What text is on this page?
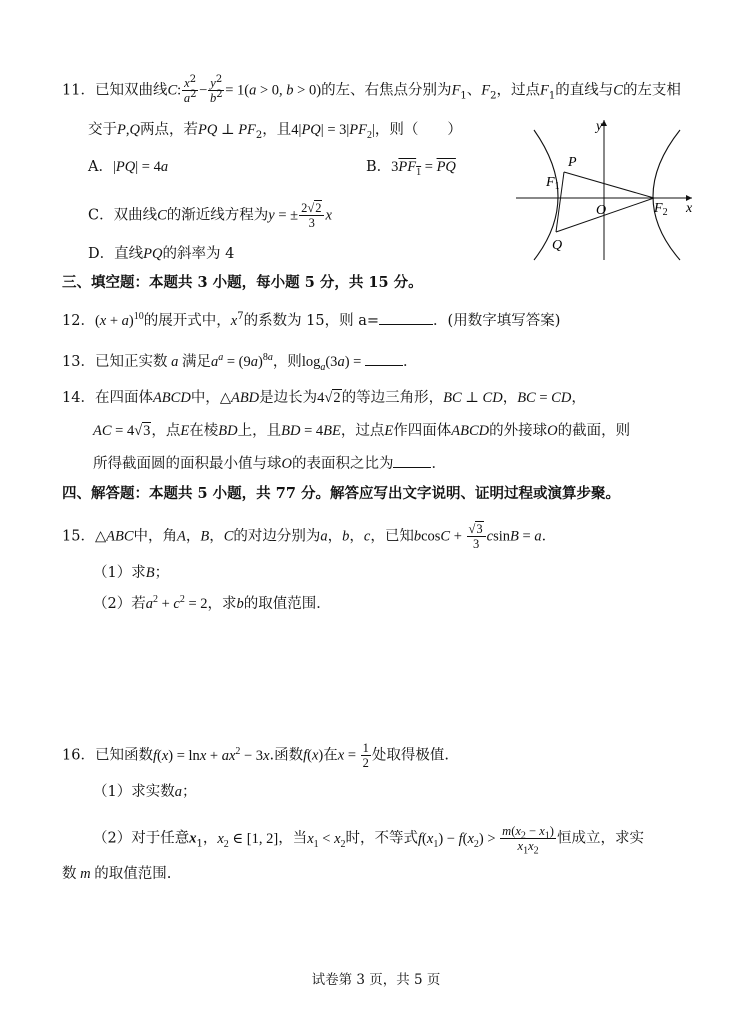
11．已知双曲线C: $\frac{x^2}{a^2} - \frac{y^2}{b^2} = 1(a > 0$, b > 0)的左、右焦点分别为$F_1$、$F_2$，过点$F_1$的直线与C的左支相
交于P,Q两点，若PQ ⊥ $PF_2$，且$4|PQ| = 3|PF_2|$，则（　　）
A．|PQ| = 4a	B．$3PF_1 = \overline{PQ}$
C．双曲线C的渐近线方程为y = ± $\frac{2√2}{3}$ x
D．直线PQ的斜率为 4
P
Q
O
$F_1$
$F_2$
y
x
三、填空题：本题共 3 小题，每小题 5 分，共 15 分。
12．$(x + a)^{10}$的展开式中，$x^7$的系数为 15，则 a=	．(用数字填写答案)
13．已知正实数 a 满足$a^a = (9a)^{8a}$，则$\log_a(3a)$ =	．
14．在四面体ABCD中，△ABD是边长为4√2的等边三角形，BC ⊥ CD，BC = CD，
AC = 4√3，点E在棱BD上，且BD = 4BE，过点E作四面体ABCD的外接球O的截面，则
所得截面圆的面积最小值与球O的表面积之比为	．
四、解答题：本题共 5 小题，共 77 分。解答应写出文字说明、证明过程或演算步聚。
15．△ABC中，角A，B，C的对边分别为a，b，c，已知$bcosC + \frac{√3}{3}$ csinB = a．
（1）求B；
（2）若$a^2 + c^2 = 2$，求b的取值范围．
16．已知函数$f(x) = \ln x + ax^2 - 3x$.函数f(x)在$x = \frac{1}{2}$ 处取得极值.
（1）求实数a；
（2）对于任意$x_1$，$x_2$ ∈ [1, 2]，当$x_1 < x_2$时，不等式$f(x_1) - f(x_2) > \frac{m(x_2 - x_1)}{x_1x_2}$ 恒成立，求实
数 m 的取值范围.
试卷第 3 页，共 5 页
